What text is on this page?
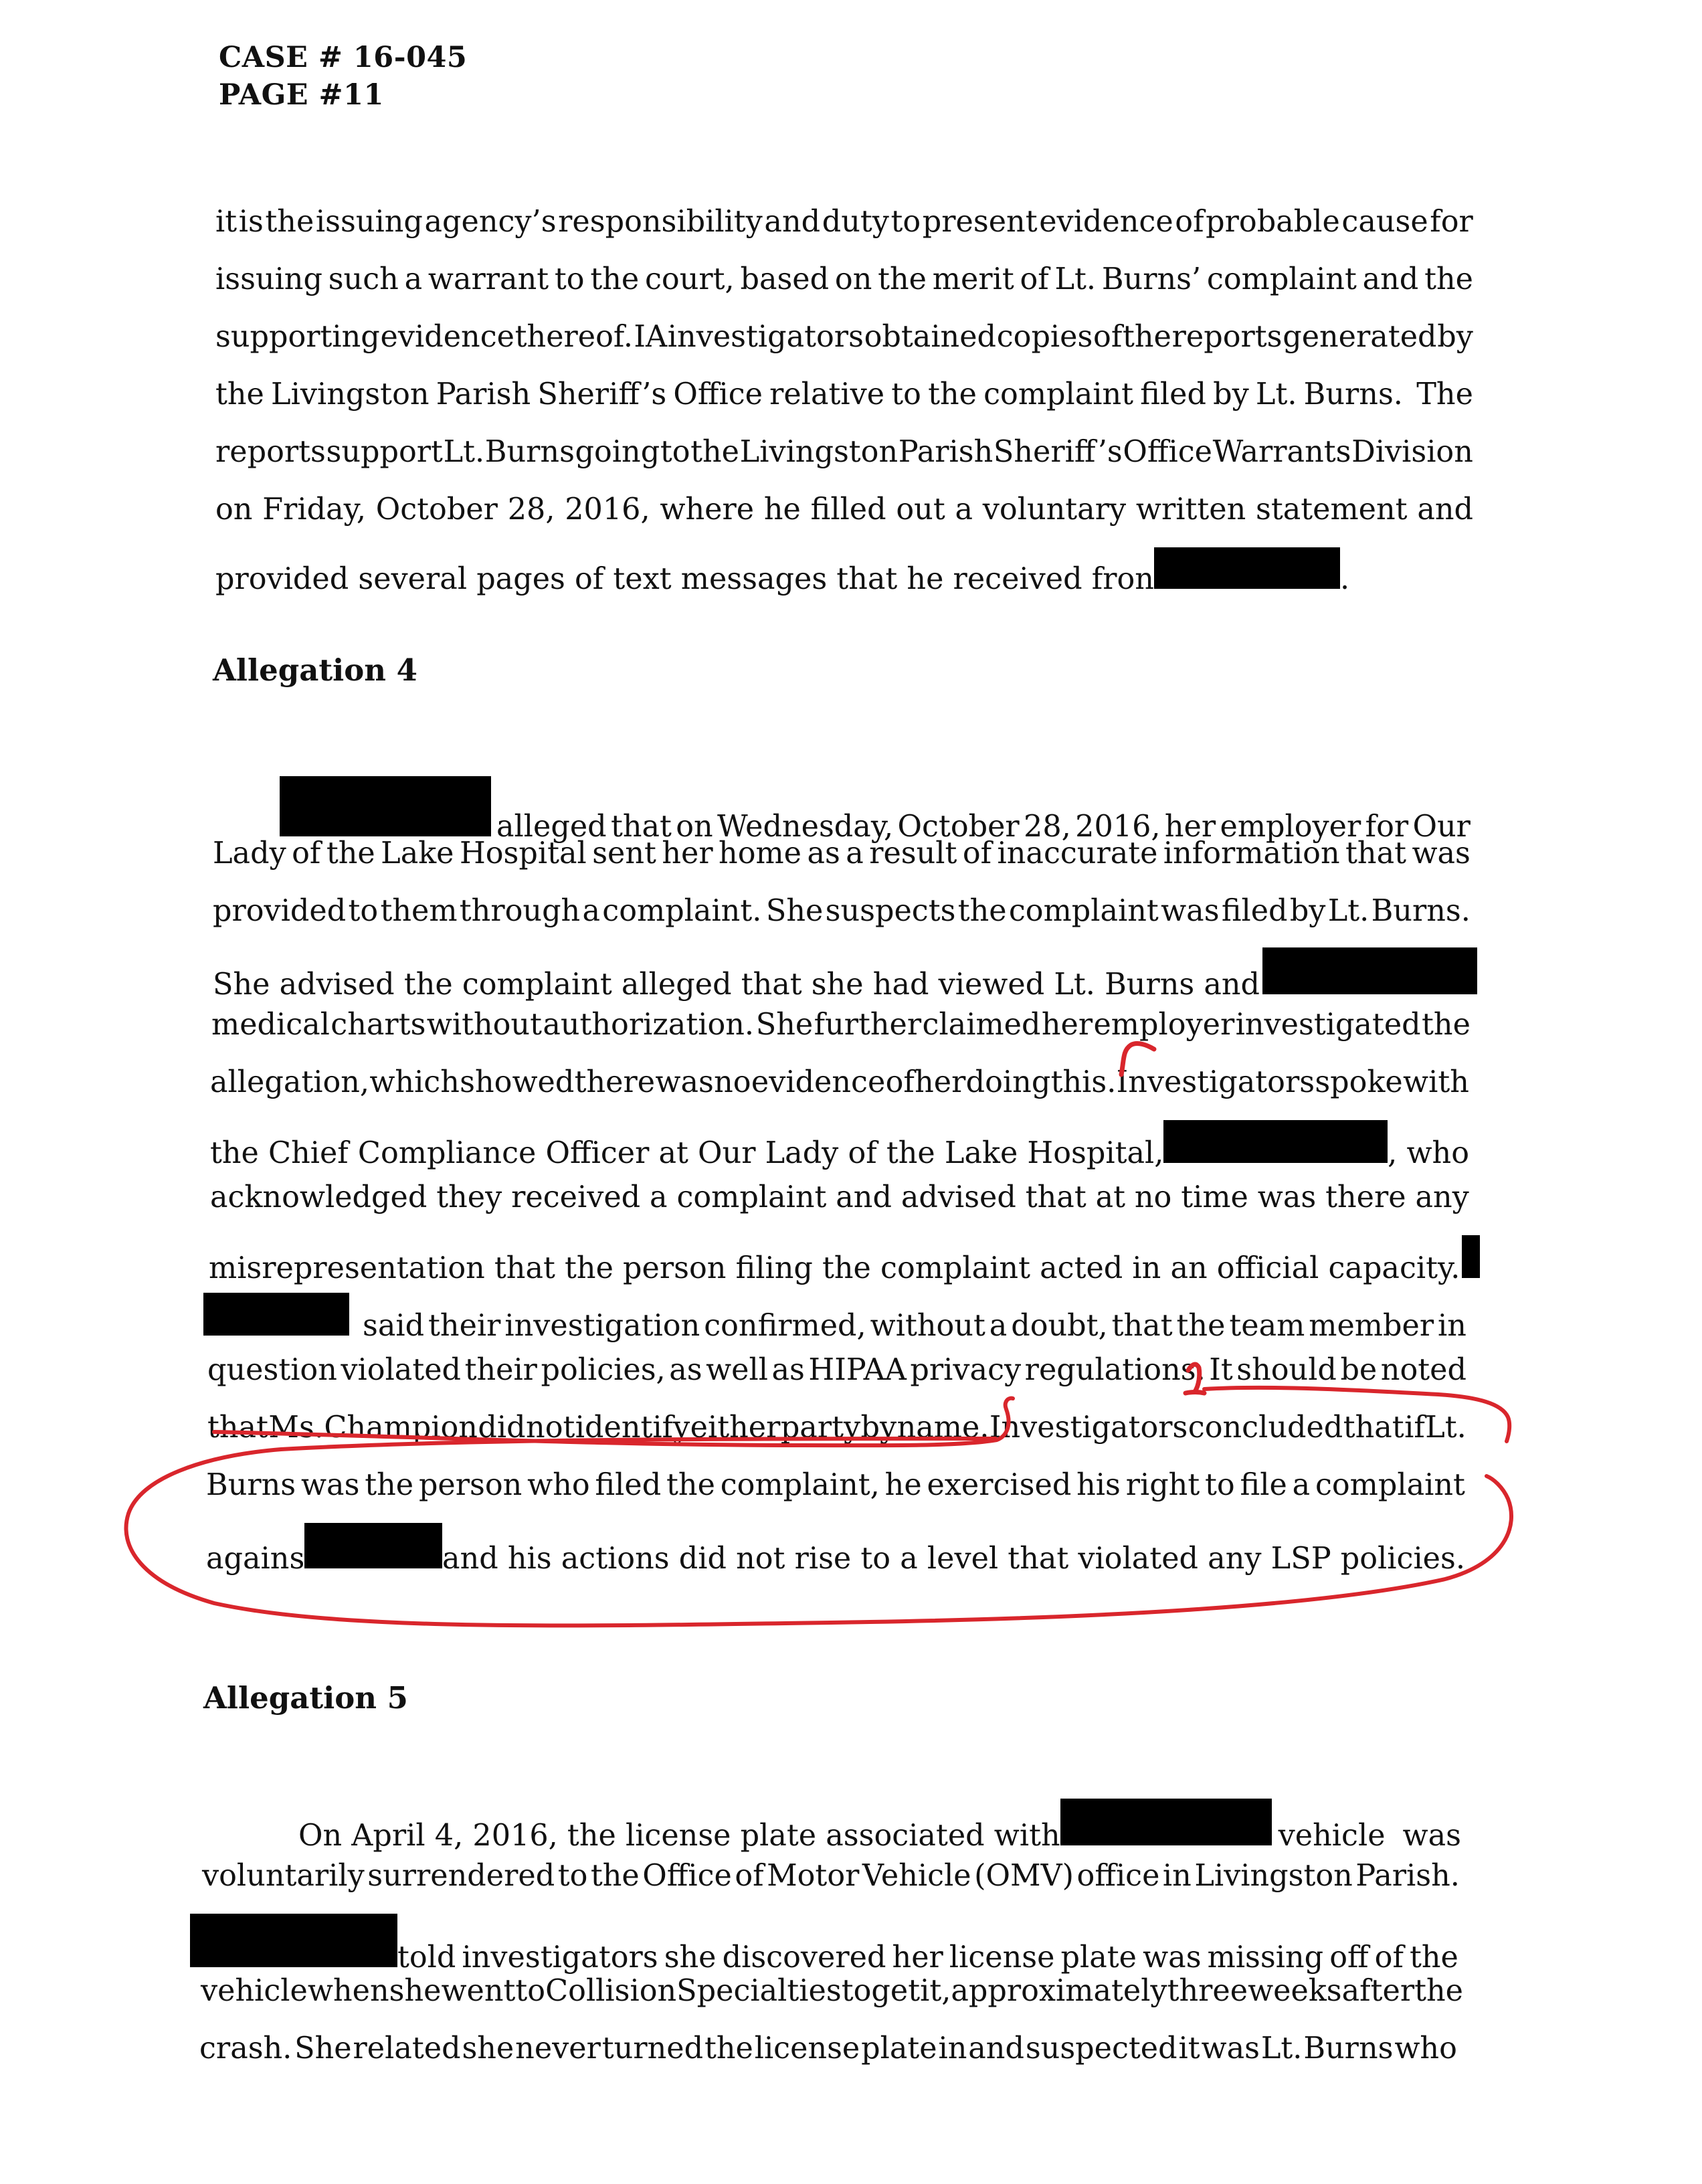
CASE # 16-045
PAGE #11
it is the issuing agency’s responsibility and duty to present evidence of probable cause for
issuing such a warrant to the court, based on the merit of Lt. Burns’ complaint and the
supporting evidence thereof. IA investigators obtained copies of the reports generated by
the Livingston Parish Sheriff’s Office relative to the complaint filed by Lt. Burns. The
reports support Lt. Burns going to the Livingston Parish Sheriff’s Office Warrants Division
on Friday, October 28, 2016, where he filled out a voluntary written statement and
provided several pages of text messages that he received fron	.
Allegation 4
alleged that on Wednesday, October 28, 2016, her employer for Our
Lady of the Lake Hospital sent her home as a result of inaccurate information that was
provided to them through a complaint. She suspects the complaint was filed by Lt. Burns.
She advised the complaint alleged that she had viewed Lt. Burns and
medical charts without authorization. She further claimed her employer investigated the
allegation, which showed there was no evidence of her doing this. Investigators spoke with
the Chief Compliance Officer at Our Lady of the Lake Hospital,	, who
acknowledged they received a complaint and advised that at no time was there any
misrepresentation that the person filing the complaint acted in an official capacity.
said their investigation confirmed, without a doubt, that the team member in
question violated their policies, as well as HIPAA privacy regulations. It should be noted
that Ms. Champion did not identify either party by name. Investigators concluded that if Lt.
Burns was the person who filed the complaint, he exercised his right to file a complaint
agains	and his actions did not rise to a level that violated any LSP policies.
Allegation 5
On April 4, 2016, the license plate associated with	vehicle was
voluntarily surrendered to the Office of Motor Vehicle (OMV) office in Livingston Parish.
told investigators she discovered her license plate was missing off of the
vehicle when she went to Collision Specialties to get it, approximately three weeks after the
crash. She related she never turned the license plate in and suspected it was Lt. Burns who
